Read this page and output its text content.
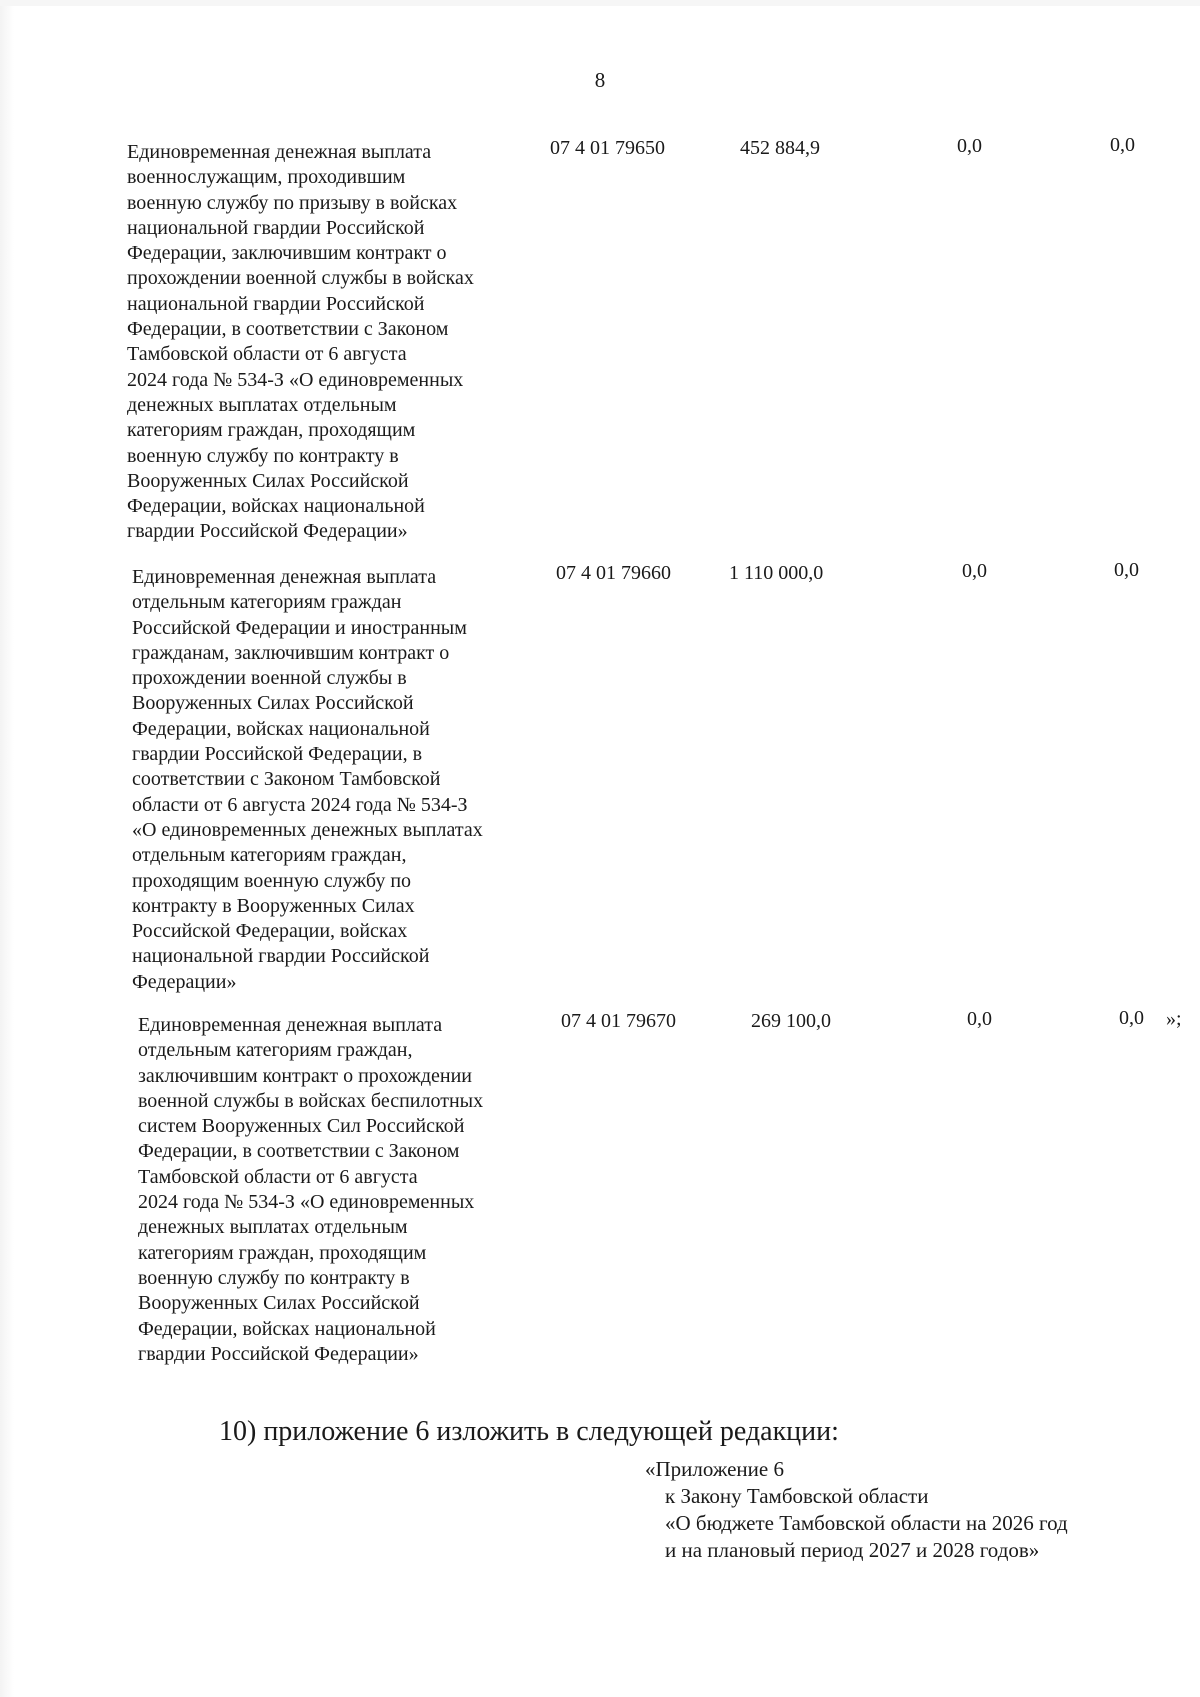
8
Единовременная денежная выплата
военнослужащим, проходившим
военную службу по призыву в войсках
национальной гвардии Российской
Федерации, заключившим контракт о
прохождении военной службы в войсках
национальной гвардии Российской
Федерации, в соответствии с Законом
Тамбовской области от 6 августа
2024 года № 534-З «О единовременных
денежных выплатах отдельным
категориям граждан, проходящим
военную службу по контракту в
Вооруженных Силах Российской
Федерации, войсках национальной
гвардии Российской Федерации»
07 4 01 79650	452 884,9	0,0	0,0
Единовременная денежная выплата
отдельным категориям граждан
Российской Федерации и иностранным
гражданам, заключившим контракт о
прохождении военной службы в
Вооруженных Силах Российской
Федерации, войсках национальной
гвардии Российской Федерации, в
соответствии с Законом Тамбовской
области от 6 августа 2024 года № 534-З
«О единовременных денежных выплатах
отдельным категориям граждан,
проходящим военную службу по
контракту в Вооруженных Силах
Российской Федерации, войсках
национальной гвардии Российской
Федерации»
07 4 01 79660	1 110 000,0	0,0	0,0
Единовременная денежная выплата
отдельным категориям граждан,
заключившим контракт о прохождении
военной службы в войсках беспилотных
систем Вооруженных Сил Российской
Федерации, в соответствии с Законом
Тамбовской области от 6 августа
2024 года № 534-З «О единовременных
денежных выплатах отдельным
категориям граждан, проходящим
военную службу по контракту в
Вооруженных Силах Российской
Федерации, войсках национальной
гвардии Российской Федерации»
07 4 01 79670	269 100,0	0,0	0,0 »;
10) приложение 6 изложить в следующей редакции:
«Приложение 6
к Закону Тамбовской области
«О бюджете Тамбовской области на 2026 год
и на плановый период 2027 и 2028 годов»
